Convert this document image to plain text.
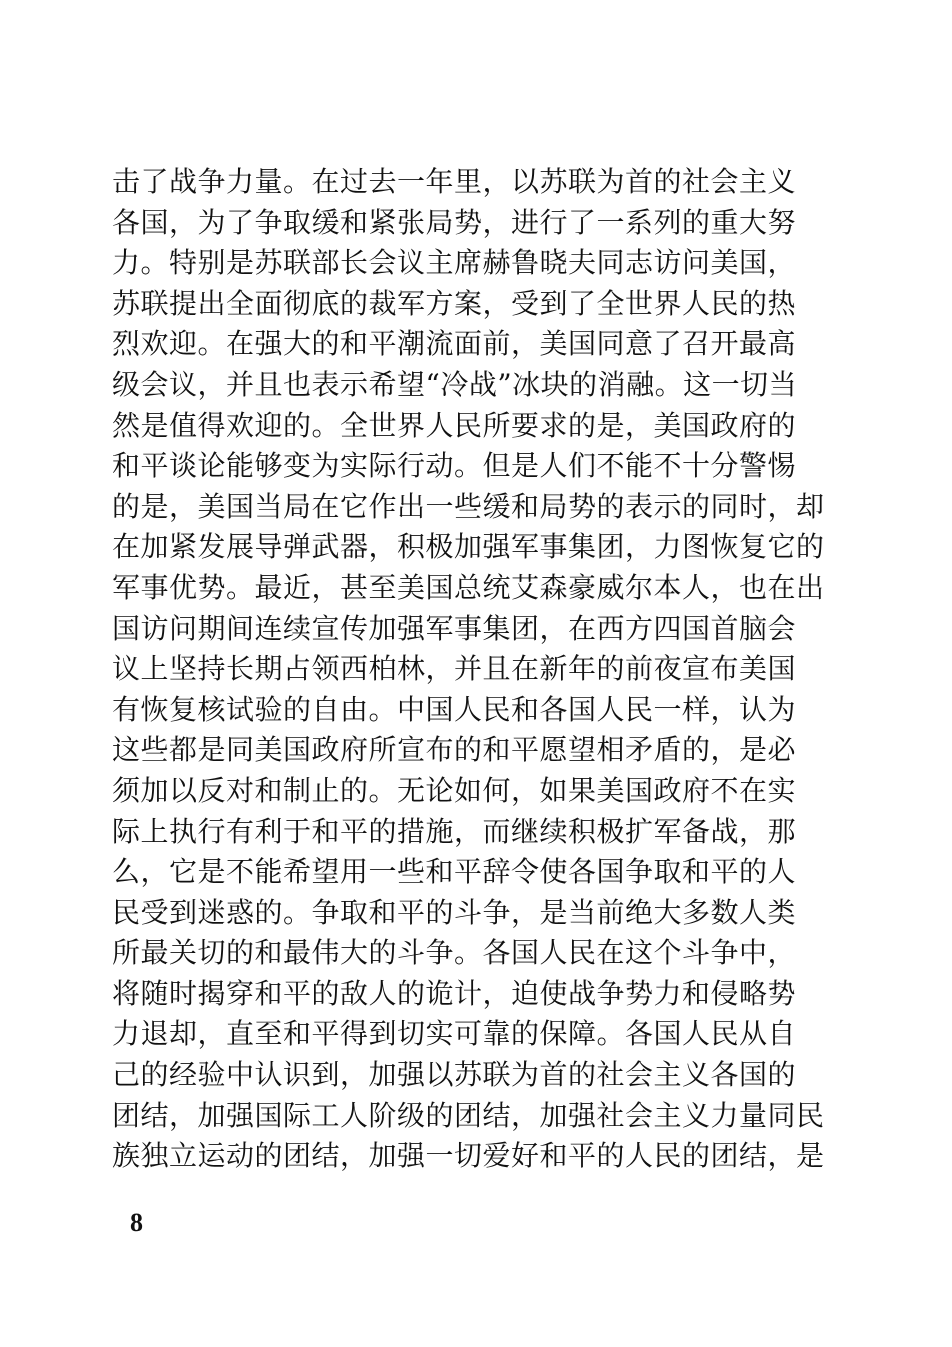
击了战争力量。在过去一年里，以苏联为首的社会主义
各国，为了争取缓和紧张局势，进行了一系列的重大努
力。特别是苏联部长会议主席赫鲁晓夫同志访问美国，
苏联提出全面彻底的裁军方案，受到了全世界人民的热
烈欢迎。在强大的和平潮流面前，美国同意了召开最高
级会议，并且也表示希望“冷战”冰块的消融。这一切当
然是值得欢迎的。全世界人民所要求的是，美国政府的
和平谈论能够变为实际行动。但是人们不能不十分警惕
的是，美国当局在它作出一些缓和局势的表示的同时，却
在加紧发展导弹武器，积极加强军事集团，力图恢复它的
军事优势。最近，甚至美国总统艾森豪威尔本人，也在出
国访问期间连续宣传加强军事集团，在西方四国首脑会
议上坚持长期占领西柏林，并且在新年的前夜宣布美国
有恢复核试验的自由。中国人民和各国人民一样，认为
这些都是同美国政府所宣布的和平愿望相矛盾的，是必
须加以反对和制止的。无论如何，如果美国政府不在实
际上执行有利于和平的措施，而继续积极扩军备战，那
么，它是不能希望用一些和平辞令使各国争取和平的人
民受到迷惑的。争取和平的斗争，是当前绝大多数人类
所最关切的和最伟大的斗争。各国人民在这个斗争中，
将随时揭穿和平的敌人的诡计，迫使战争势力和侵略势
力退却，直至和平得到切实可靠的保障。各国人民从自
己的经验中认识到，加强以苏联为首的社会主义各国的
团结，加强国际工人阶级的团结，加强社会主义力量同民
族独立运动的团结，加强一切爱好和平的人民的团结，是
8
